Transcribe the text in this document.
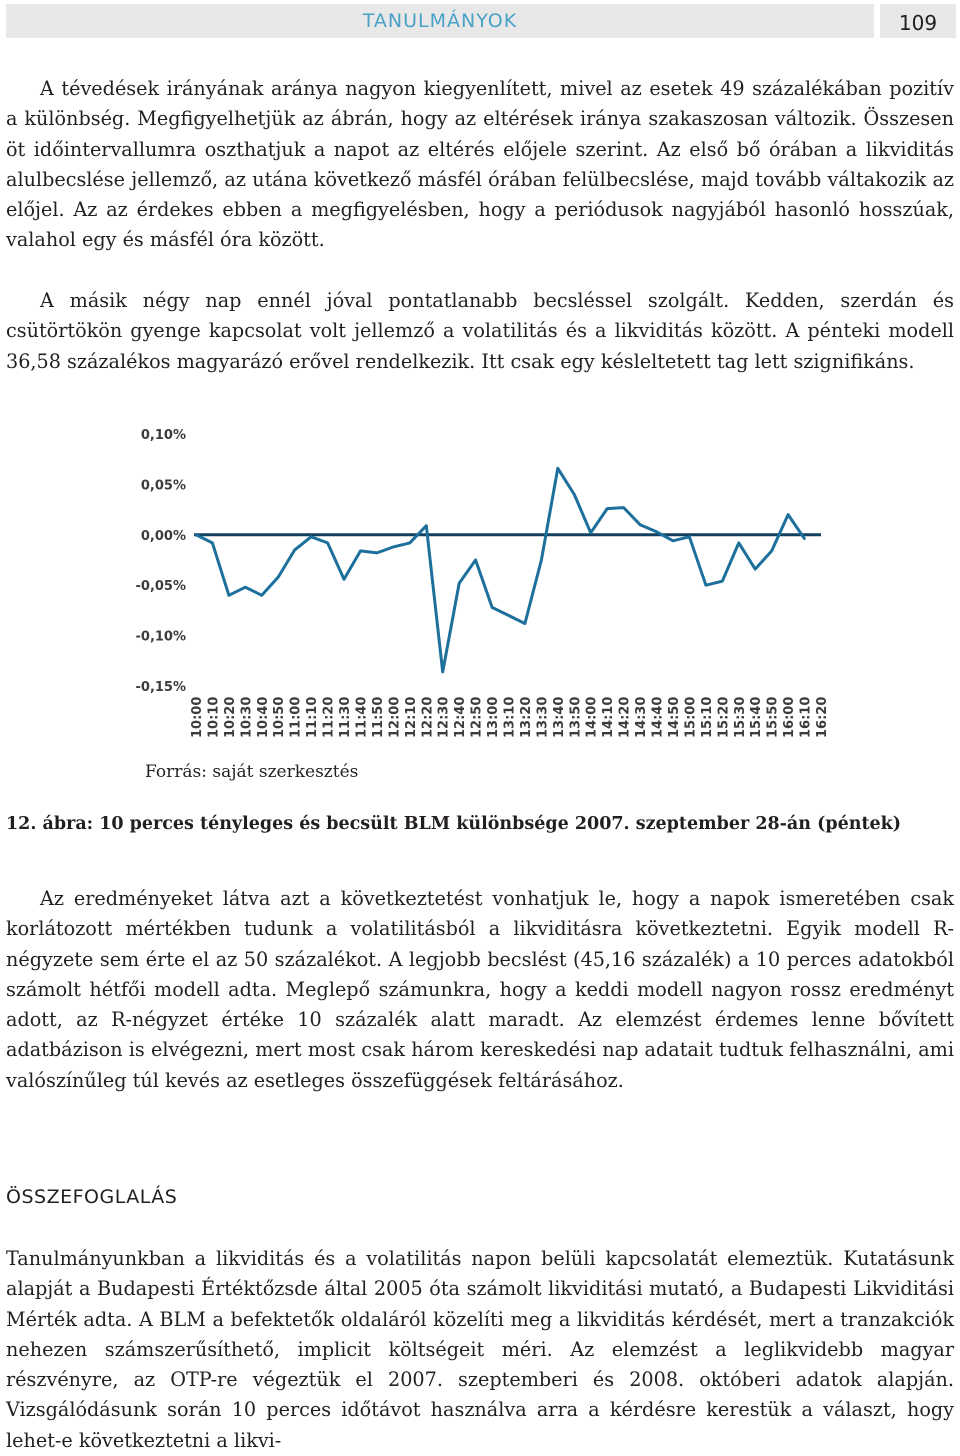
TANULMÁNYOK	109

A tévedések irányának aránya nagyon kiegyenlített, mivel az esetek 49 százalékában pozitív a különbség. Megfigyelhetjük az ábrán, hogy az eltérések iránya szakaszosan változik. Összesen öt időintervallumra oszthatjuk a napot az eltérés előjele szerint. Az első bő órában a likviditás alulbecslése jellemző, az utána következő másfél órában felülbecslése, majd tovább váltakozik az előjel. Az az érdekes ebben a megfigyelésben, hogy a periódusok nagyjából hasonló hosszúak, valahol egy és másfél óra között.

A másik négy nap ennél jóval pontatlanabb becsléssel szolgált. Kedden, szerdán és csütörtökön gyenge kapcsolat volt jellemző a volatilitás és a likviditás között. A pénteki modell 36,58 százalékos magyarázó erővel rendelkezik. Itt csak egy késleltetett tag lett szignifikáns.

0,10%
0,05%
0,00%
-0,05%
-0,10%
-0,15%
10:00 10:10 10:20 10:30 10:40 10:50 11:00 11:10 11:20 11:30 11:40 11:50 12:00 12:10 12:20 12:30 12:40 12:50 13:00 13:10 13:20 13:30 13:40 13:50 14:00 14:10 14:20 14:30 14:40 14:50 15:00 15:10 15:20 15:30 15:40 15:50 16:00 16:10 16:20
Forrás: saját szerkesztés
12. ábra: 10 perces tényleges és becsült BLM különbsége 2007. szeptember 28-án (péntek)

Az eredményeket látva azt a következtetést vonhatjuk le, hogy a napok ismeretében csak korlátozott mértékben tudunk a volatilitásból a likviditásra következtetni. Egyik modell R-négyzete sem érte el az 50 százalékot. A legjobb becslést (45,16 százalék) a 10 perces adatokból számolt hétfői modell adta. Meglepő számunkra, hogy a keddi modell nagyon rossz eredményt adott, az R-négyzet értéke 10 százalék alatt maradt. Az elemzést érdemes lenne bővített adatbázison is elvégezni, mert most csak három kereskedési nap adatait tudtuk felhasználni, ami valószínűleg túl kevés az esetleges összefüggések feltárásához.

ÖSSZEFOGLALÁS

Tanulmányunkban a likviditás és a volatilitás napon belüli kapcsolatát elemeztük. Kutatásunk alapját a Budapesti Értéktőzsde által 2005 óta számolt likviditási mutató, a Budapesti Likviditási Mérték adta. A BLM a befektetők oldaláról közelíti meg a likviditás kérdését, mert a tranzakciók nehezen számszerűsíthető, implicit költségeit méri. Az elemzést a leglikvidebb magyar részvényre, az OTP-re végeztük el 2007. szeptemberi és 2008. októberi adatok alapján. Vizsgálódásunk során 10 perces időtávot használva arra a kérdésre kerestük a választ, hogy lehet-e következtetni a likvi-
